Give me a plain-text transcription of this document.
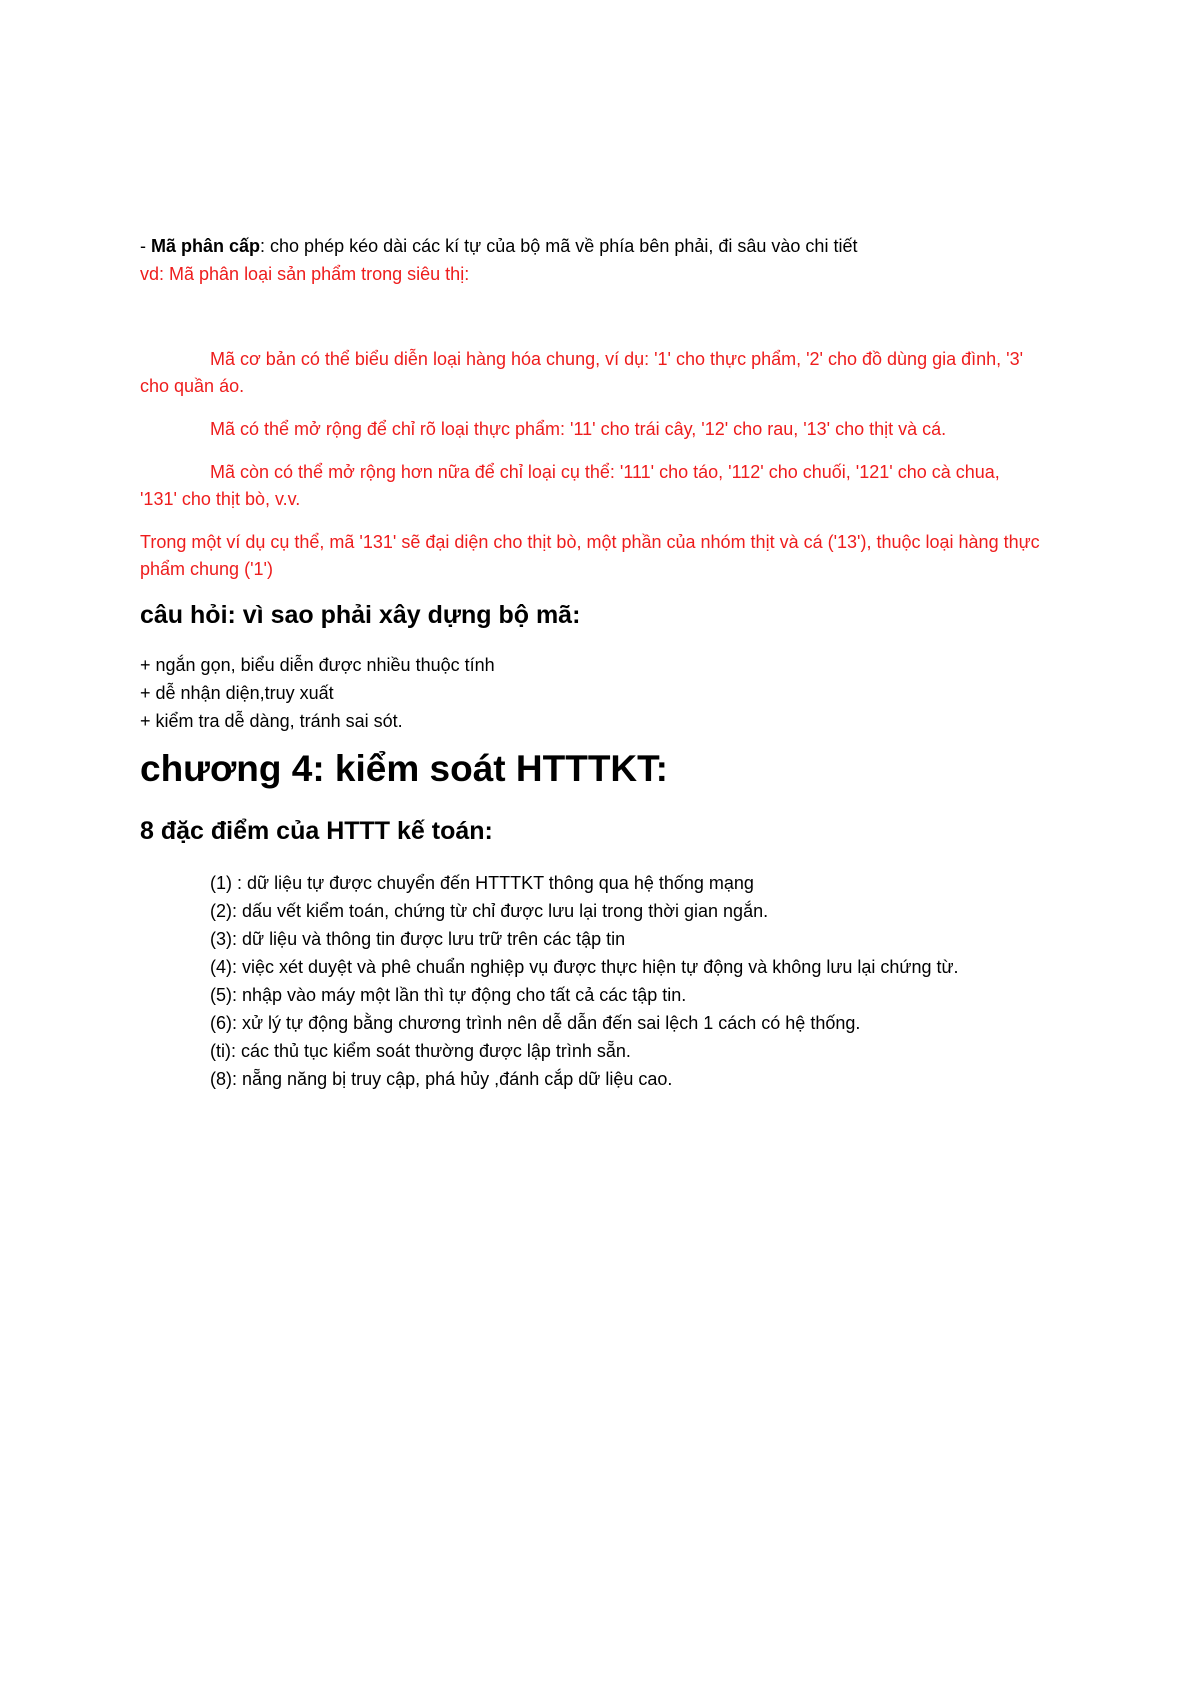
- Mã phân cấp: cho phép kéo dài các kí tự của bộ mã về phía bên phải, đi sâu vào chi tiết

vd: Mã phân loại sản phẩm trong siêu thị:

Mã cơ bản có thể biểu diễn loại hàng hóa chung, ví dụ: '1' cho thực phẩm, '2' cho đồ dùng gia đình, '3' cho quần áo.

Mã có thể mở rộng để chỉ rõ loại thực phẩm: '11' cho trái cây, '12' cho rau, '13' cho thịt và cá.

Mã còn có thể mở rộng hơn nữa để chỉ loại cụ thể: '111' cho táo, '112' cho chuối, '121' cho cà chua, '131' cho thịt bò, v.v.

Trong một ví dụ cụ thể, mã '131' sẽ đại diện cho thịt bò, một phần của nhóm thịt và cá ('13'), thuộc loại hàng thực phẩm chung ('1')

câu hỏi: vì sao phải xây dựng bộ mã:

+ ngắn gọn, biểu diễn được nhiều thuộc tính

+ dễ nhận diện,truy xuất

+ kiểm tra dễ dàng, tránh sai sót.

chương 4: kiểm soát HTTTKT:
8 đặc điểm của HTTT kế toán:

(1) : dữ liệu tự được chuyển đến HTTTKT thông qua hệ thống mạng

(2): dấu vết kiểm toán, chứng từ chỉ được lưu lại trong thời gian ngắn.

(3): dữ liệu và thông tin được lưu trữ trên các tập tin

(4): việc xét duyệt và phê chuẩn nghiệp vụ được thực hiện tự động và không lưu lại chứng từ.

(5): nhập vào máy một lần thì tự động cho tất cả các tập tin.

(6): xử lý tự động bằng chương trình nên dễ dẫn đến sai lệch 1 cách có hệ thống.

(ti): các thủ tục kiểm soát thường được lập trình sẵn.

(8): nẵng năng bị truy cập, phá hủy ,đánh cắp dữ liệu cao.
